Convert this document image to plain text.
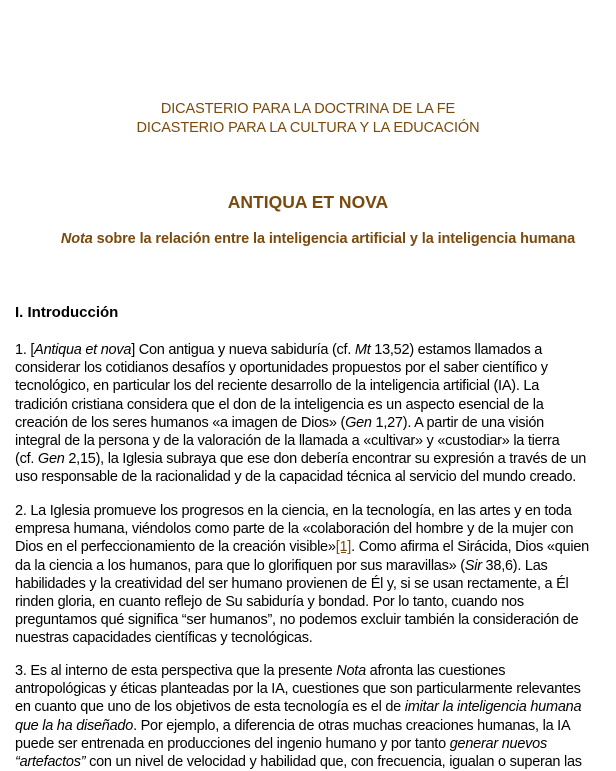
DICASTERIO PARA LA DOCTRINA DE LA FE
DICASTERIO PARA LA CULTURA Y LA EDUCACIÓN
ANTIQUA ET NOVA
Nota sobre la relación entre la inteligencia artificial y la inteligencia humana
I. Introducción
1. [Antiqua et nova] Con antigua y nueva sabiduría (cf. Mt 13,52) estamos llamados a
considerar los cotidianos desafíos y oportunidades propuestos por el saber científico y
tecnológico, en particular los del reciente desarrollo de la inteligencia artificial (IA). La
tradición cristiana considera que el don de la inteligencia es un aspecto esencial de la
creación de los seres humanos «a imagen de Dios» (Gen 1,27). A partir de una visión
integral de la persona y de la valoración de la llamada a «cultivar» y «custodiar» la tierra
(cf. Gen 2,15), la Iglesia subraya que ese don debería encontrar su expresión a través de un
uso responsable de la racionalidad y de la capacidad técnica al servicio del mundo creado.
2. La Iglesia promueve los progresos en la ciencia, en la tecnología, en las artes y en toda
empresa humana, viéndolos como parte de la «colaboración del hombre y de la mujer con
Dios en el perfeccionamiento de la creación visible»[1]. Como afirma el Sirácida, Dios «quien
da la ciencia a los humanos, para que lo glorifiquen por sus maravillas» (Sir 38,6). Las
habilidades y la creatividad del ser humano provienen de Él y, si se usan rectamente, a Él
rinden gloria, en cuanto reflejo de Su sabiduría y bondad. Por lo tanto, cuando nos
preguntamos qué significa “ser humanos”, no podemos excluir también la consideración de
nuestras capacidades científicas y tecnológicas.
3. Es al interno de esta perspectiva que la presente Nota afronta las cuestiones
antropológicas y éticas planteadas por la IA, cuestiones que son particularmente relevantes
en cuanto que uno de los objetivos de esta tecnología es el de imitar la inteligencia humana
que la ha diseñado. Por ejemplo, a diferencia de otras muchas creaciones humanas, la IA
puede ser entrenada en producciones del ingenio humano y por tanto generar nuevos
“artefactos” con un nivel de velocidad y habilidad que, con frecuencia, igualan o superan las
